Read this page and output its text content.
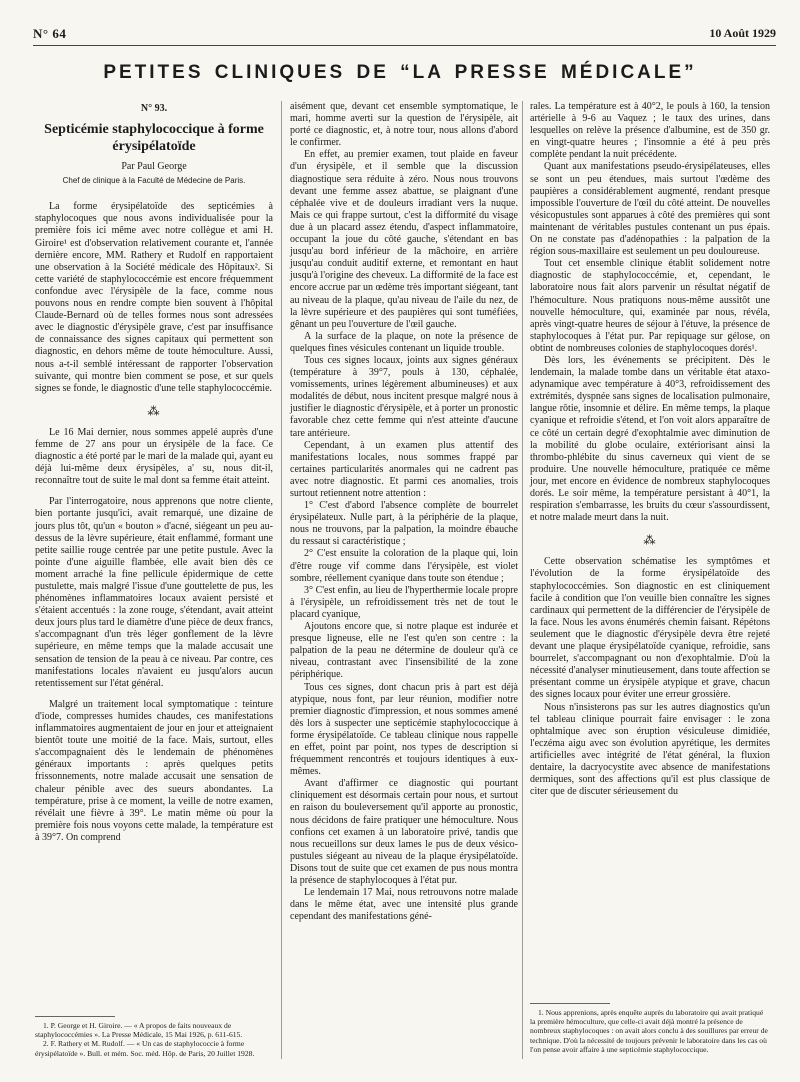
N° 64	10 Août 1929
PETITES CLINIQUES DE “LA PRESSE MÉDICALE”
N° 93.
Septicémie staphylococcique à forme érysipélatoïde
Par Paul George
Chef de clinique à la Faculté de Médecine de Paris.

La forme érysipélatoïde des septicémies à staphylocoques que nous avons individualisée pour la première fois ici même avec notre collègue et ami H. Giroire¹ est d'observation relativement courante et, l'année dernière encore, MM. Rathery et Rudolf en rapportaient une observation à la Société médicale des Hôpitaux². Si cette variété de staphylococcémie est encore fréquemment confondue avec l'érysipèle de la face, comme nous pouvons nous en rendre compte bien souvent à l'hôpital Claude-Bernard où de telles formes nous sont adressées avec le diagnostic d'érysipèle grave, c'est par insuffisance de connaissance des signes capitaux qui permettent son diagnostic, en dehors même de toute hémoculture. Aussi, nous a-t-il semblé intéressant de rapporter l'observation suivante, qui montre bien comment se pose, et sur quels signes se fonde, le diagnostic d'une telle staphylococcémie.

⁂

Le 16 Mai dernier, nous sommes appelé auprès d'une femme de 27 ans pour un érysipèle de la face. Ce diagnostic a été porté par le mari de la malade qui, ayant eu déjà lui-même deux érysipèles, a' su, nous dit-il, reconnaître tout de suite le mal dont sa femme était atteint.

Par l'interrogatoire, nous apprenons que notre cliente, bien portante jusqu'ici, avait remarqué, une dizaine de jours plus tôt, qu'un « bouton » d'acné, siégeant un peu au-dessus de la lèvre supérieure, était enflammé, formant une petite saillie rouge centrée par une petite pustule. Avec la pointe d'une aiguille flambée, elle avait bien dès ce moment arraché la fine pellicule épidermique de cette pustulette, mais malgré l'issue d'une gouttelette de pus, les phénomènes inflammatoires locaux avaient persisté et s'étaient accentués : la zone rouge, s'étendant, avait atteint deux jours plus tard le diamètre d'une pièce de deux francs, s'accompagnant d'un très léger gonflement de la lèvre supérieure, en même temps que la malade accusait une sensation de tension de la peau à ce niveau. Par contre, ces manifestations locales n'avaient eu jusqu'alors aucun retentissement sur l'état général.

Malgré un traitement local symptomatique : teinture d'iode, compresses humides chaudes, ces manifestations inflammatoires augmentaient de jour en jour et atteignaient bientôt toute une moitié de la face. Mais, surtout, elles s'accompagnaient dès le lendemain de phénomènes généraux importants : après quelques petits frissonnements, notre malade accusait une sensation de chaleur pénible avec des sueurs abondantes. La température, prise à ce moment, la veille de notre examen, révélait une fièvre à 39°. Le matin même où pour la première fois nous voyons cette malade, la température est à 39°7. On comprend

1. P. George et H. Giroire. — « A propos de faits nouveaux de staphylococcémies ». La Presse Médicale, 15 Mai 1926, p. 611-615.

2. F. Rathery et M. Rudolf. — « Un cas de staphylococcie à forme érysipélatoïde ». Bull. et mém. Soc. méd. Hôp. de Paris, 20 Juillet 1928.

aisément que, devant cet ensemble symptomatique, le mari, homme averti sur la question de l'érysipèle, ait porté ce diagnostic, et, à notre tour, nous allons d'abord le confirmer.

En effet, au premier examen, tout plaide en faveur d'un érysipèle, et il semble que la discussion diagnostique sera réduite à zéro. Nous nous trouvons devant une femme assez abattue, se plaignant d'une céphalée vive et de douleurs irradiant vers la nuque. Mais ce qui frappe surtout, c'est la difformité du visage due à un placard assez étendu, d'aspect inflammatoire, occupant la joue du côté gauche, s'étendant en bas jusqu'au bord inférieur de la mâchoire, en arrière jusqu'au conduit auditif externe, et remontant en haut jusqu'à l'origine des cheveux. La difformité de la face est encore accrue par un œdème très important siégeant, tant au niveau de la plaque, qu'au niveau de l'aile du nez, de la lèvre supérieure et des paupières qui sont tuméfiées, gênant un peu l'ouverture de l'œil gauche.

A la surface de la plaque, on note la présence de quelques fines vésicules contenant un liquide trouble.

Tous ces signes locaux, joints aux signes généraux (température à 39°7, pouls à 130, céphalée, vomissements, urines légèrement albumineuses) et aux modalités de début, nous incitent presque malgré nous à justifier le diagnostic d'érysipèle, et à porter un pronostic favorable chez cette femme qui n'est atteinte d'aucune tare antérieure.

Cependant, à un examen plus attentif des manifestations locales, nous sommes frappé par certaines particularités anormales qui ne cadrent pas avec notre diagnostic. Et parmi ces anomalies, trois surtout retiennent notre attention :

1° C'est d'abord l'absence complète de bourrelet érysipélateux. Nulle part, à la périphérie de la plaque, nous ne trouvons, par la palpation, la moindre ébauche du ressaut si caractéristique ;

2° C'est ensuite la coloration de la plaque qui, loin d'être rouge vif comme dans l'érysipèle, est violet sombre, réellement cyanique dans toute son étendue ;

3° C'est enfin, au lieu de l'hyperthermie locale propre à l'érysipèle, un refroidissement très net de tout le placard cyanique,

Ajoutons encore que, si notre plaque est indurée et presque ligneuse, elle ne l'est qu'en son centre : la palpation de la peau ne détermine de douleur qu'à ce niveau, contrastant avec l'insensibilité de la zone périphérique.

Tous ces signes, dont chacun pris à part est déjà atypique, nous font, par leur réunion, modifier notre premier diagnostic d'impression, et nous sommes amené dès lors à suspecter une septicémie staphylococcique à forme érysipélatoïde. Ce tableau clinique nous rappelle en effet, point par point, nos types de description si fréquemment rencontrés et toujours identiques à eux-mêmes.

Avant d'affirmer ce diagnostic qui pourtant cliniquement est désormais certain pour nous, et surtout en raison du bouleversement qu'il apporte au pronostic, nous décidons de faire pratiquer une hémoculture. Nous confions cet examen à un laboratoire privé, tandis que nous recueillons sur deux lames le pus de deux vésico-pustules siégeant au niveau de la plaque érysipélatoïde. Disons tout de suite que cet examen de pus nous montra la présence de staphylocoques à l'état pur.

Le lendemain 17 Mai, nous retrouvons notre malade dans le même état, avec une intensité plus grande cependant des manifestations géné-

rales. La température est à 40°2, le pouls à 160, la tension artérielle à 9-6 au Vaquez ; le taux des urines, dans lesquelles on relève la présence d'albumine, est de 350 gr. en vingt-quatre heures ; l'insomnie a été à peu près complète pendant la nuit précédente.

Quant aux manifestations pseudo-érysipélateuses, elles se sont un peu étendues, mais surtout l'œdème des paupières a considérablement augmenté, rendant presque impossible l'ouverture de l'œil du côté atteint. De nouvelles vésicopustules sont apparues à côté des premières qui sont maintenant de véritables pustules contenant un pus épais. On ne constate pas d'adénopathies : la palpation de la région sous-maxillaire est seulement un peu douloureuse.

Tout cet ensemble clinique établit solidement notre diagnostic de staphylococcémie, et, cependant, le laboratoire nous fait alors parvenir un résultat négatif de l'hémoculture. Nous pratiquons nous-même aussitôt une nouvelle hémoculture, qui, examinée par nous, révéla, après vingt-quatre heures de séjour à l'étuve, la présence de staphylocoques à l'état pur. Par repiquage sur gélose, on obtint de nombreuses colonies de staphylocoques dorés¹.

Dès lors, les événements se précipitent. Dès le lendemain, la malade tombe dans un véritable état ataxo-adynamique avec température à 40°3, refroidissement des extrémités, dyspnée sans signes de localisation pulmonaire, langue rôtie, insomnie et délire. En même temps, la plaque cyanique et refroidie s'étend, et l'on voit alors apparaître de ce côté un certain degré d'exophtalmie avec diminution de la mobilité du globe oculaire, extériorisant ainsi la thrombo-phlébite du sinus caverneux qui vient de se produire. Une nouvelle hémoculture, pratiquée ce même jour, met encore en évidence de nombreux staphylocoques dorés. Le soir même, la température persistant à 40°1, la respiration s'embarrasse, les bruits du cœur s'assourdissent, et notre malade meurt dans la nuit.

⁂

Cette observation schématise les symptômes et l'évolution de la forme érysipélatoïde des staphylococcémies. Son diagnostic en est cliniquement facile à condition que l'on veuille bien connaître les signes cardinaux qui permettent de la différencier de l'érysipèle de la face. Nous les avons énumérés chemin faisant. Répétons seulement que le diagnostic d'érysipèle devra être rejeté devant une plaque érysipélatoïde cyanique, refroidie, sans bourrelet, s'accompagnant ou non d'exophtalmie. D'où la nécessité d'analyser minutieusement, dans toute affection se présentant comme un érysipèle atypique et grave, chacun des signes locaux pour éviter une erreur grossière.

Nous n'insisterons pas sur les autres diagnostics qu'un tel tableau clinique pourrait faire envisager : le zona ophtalmique avec son éruption vésiculeuse dimidiée, l'eczéma aigu avec son évolution apyrétique, les dermites artificielles avec intégrité de l'état général, la fluxion dentaire, la dacryocystite avec absence de manifestations dermiques, sont des affections qu'il est plus classique de citer que de discuter sérieusement du

1. Nous apprenions, après enquête auprès du laboratoire qui avait pratiqué la première hémoculture, que celle-ci avait déjà montré la présence de nombreux staphylocoques : on avait alors conclu à des souillures par erreur de technique. D'où la nécessité de toujours prévenir le laboratoire dans les cas où l'on pense avoir affaire à une septicémie staphylococcique.
